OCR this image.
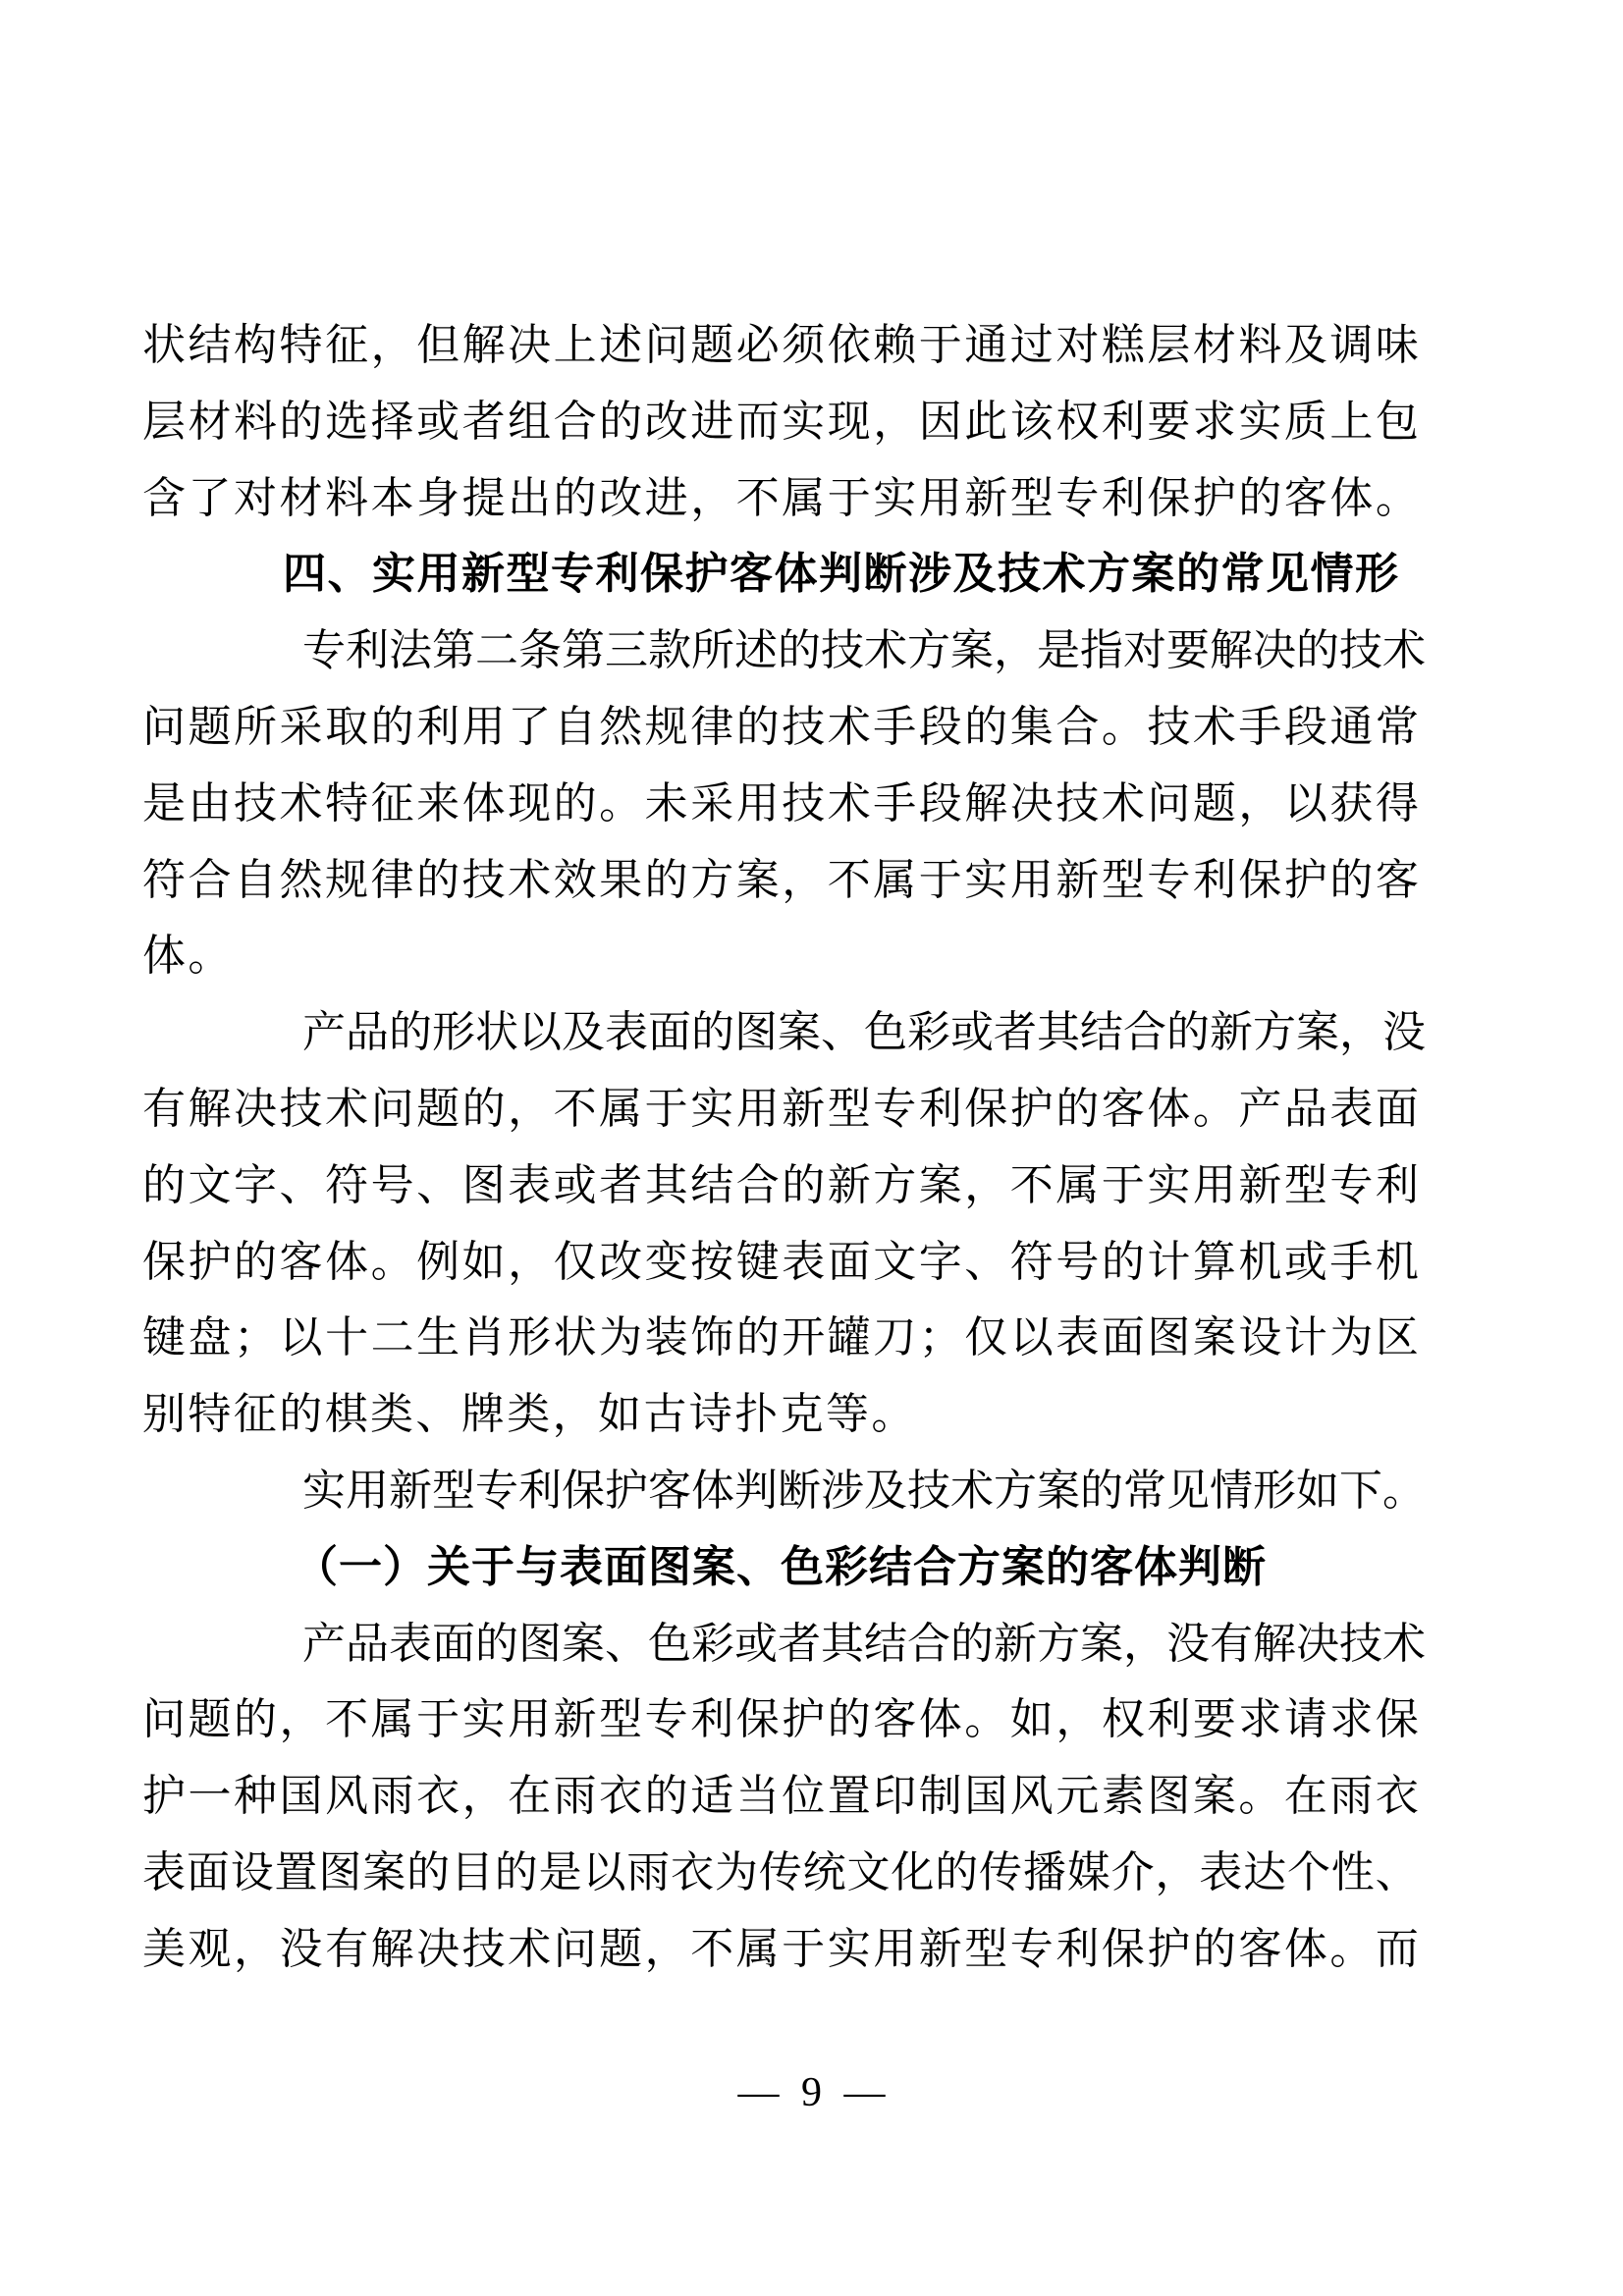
状 结 构 特 征 ， 但 解 决 上 述 问 题 必 须 依 赖 于 通 过 对 糕 层 材 料 及 调 味
层 材 料 的 选 择 或 者 组 合 的 改 进 而 实 现 ， 因 此 该 权 利 要 求 实 质 上 包
含 了 对 材 料 本 身 提 出 的 改 进 ， 不 属 于 实 用 新 型 专 利 保 护 的 客 体 。
四、实用新型专利保护客体判断涉及技术方案的常见情形
专 利 法 第 二 条 第 三 款 所 述 的 技 术 方 案 ， 是 指 对 要 解 决 的 技 术
问 题 所 采 取 的 利 用 了 自 然 规 律 的 技 术 手 段 的 集 合 。 技 术 手 段 通 常
是 由 技 术 特 征 来 体 现 的 。 未 采 用 技 术 手 段 解 决 技 术 问 题 ， 以 获 得
符 合 自 然 规 律 的 技 术 效 果 的 方 案 ， 不 属 于 实 用 新 型 专 利 保 护 的 客
体。
产 品 的 形 状 以 及 表 面 的 图 案 、 色 彩 或 者 其 结 合 的 新 方 案 ， 没
有 解 决 技 术 问 题 的 ， 不 属 于 实 用 新 型 专 利 保 护 的 客 体 。 产 品 表 面
的 文 字 、 符 号 、 图 表 或 者 其 结 合 的 新 方 案 ， 不 属 于 实 用 新 型 专 利
保 护 的 客 体 。 例 如 ， 仅 改 变 按 键 表 面 文 字 、 符 号 的 计 算 机 或 手 机
键 盘 ； 以 十 二 生 肖 形 状 为 装 饰 的 开 罐 刀 ； 仅 以 表 面 图 案 设 计 为 区
别特征的棋类、牌类，如古诗扑克等。
实 用 新 型 专 利 保 护 客 体 判 断 涉 及 技 术 方 案 的 常 见 情 形 如 下 。
（一）关于与表面图案、色彩结合方案的客体判断
产 品 表 面 的 图 案 、 色 彩 或 者 其 结 合 的 新 方 案 ， 没 有 解 决 技 术
问 题 的 ， 不 属 于 实 用 新 型 专 利 保 护 的 客 体 。 如 ， 权 利 要 求 请 求 保
护 一 种 国 风 雨 衣 ， 在 雨 衣 的 适 当 位 置 印 制 国 风 元 素 图 案 。 在 雨 衣
表 面 设 置 图 案 的 目 的 是 以 雨 衣 为 传 统 文 化 的 传 播 媒 介 ， 表 达 个 性 、
美 观 ， 没 有 解 决 技 术 问 题 ， 不 属 于 实 用 新 型 专 利 保 护 的 客 体 。 而
— 9 —
